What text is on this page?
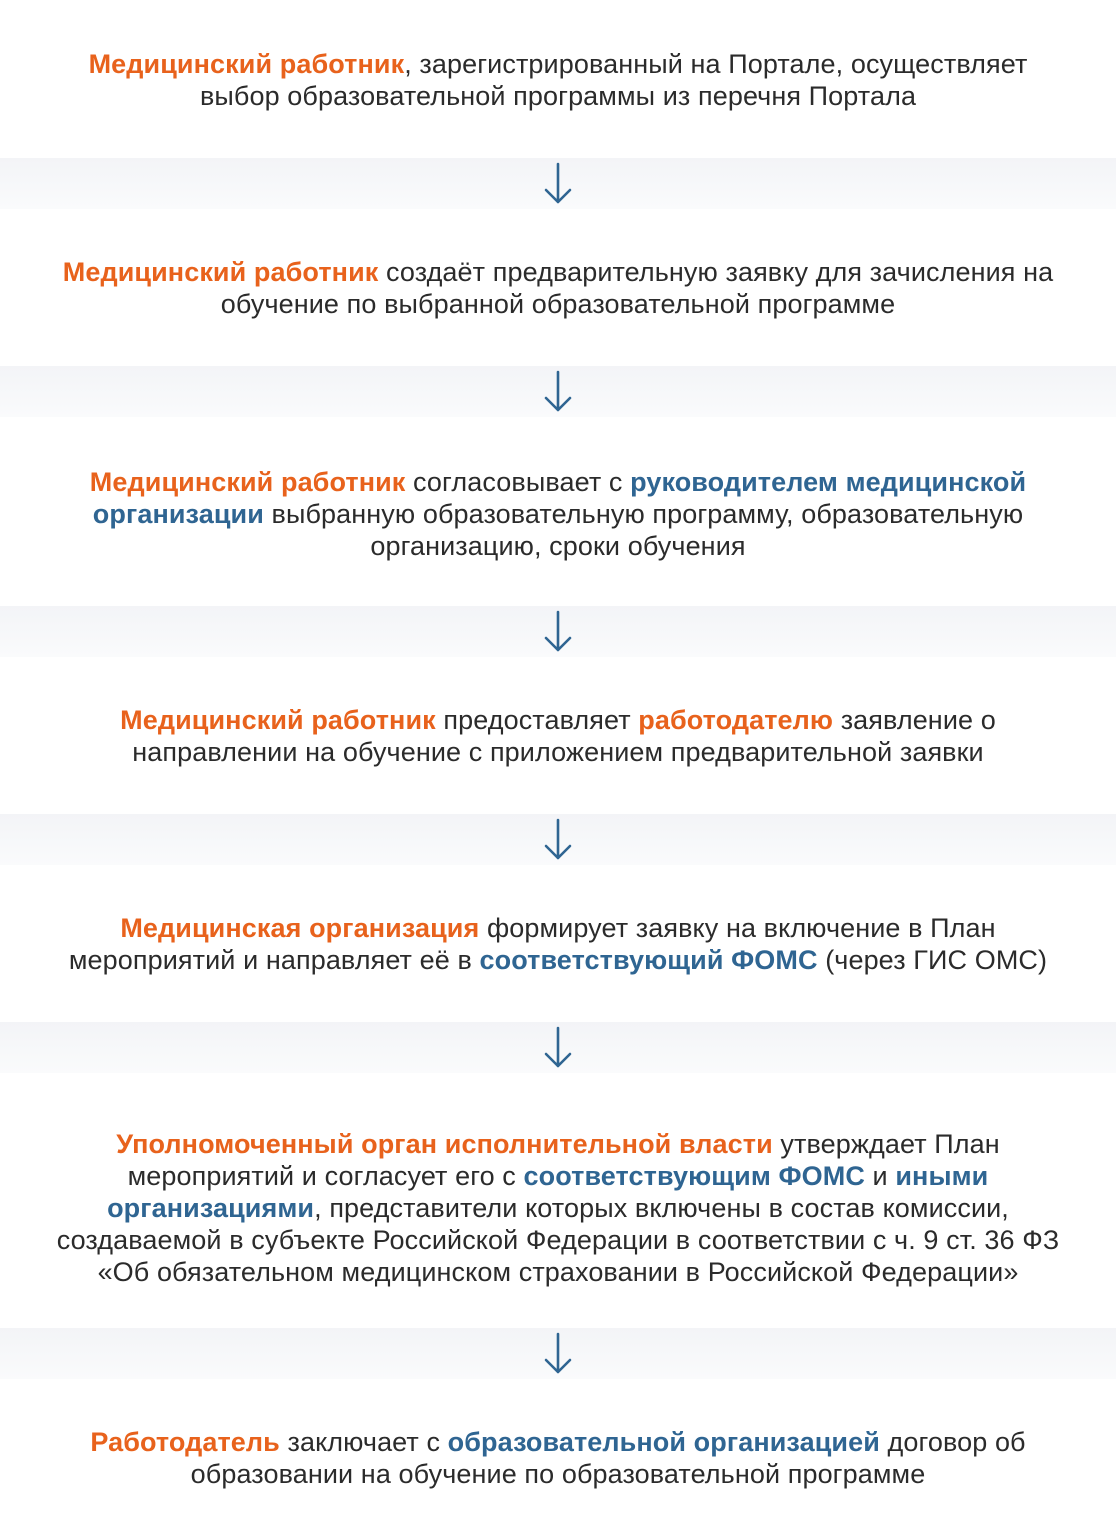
Медицинский работник, зарегистрированный на Портале, осуществляет выбор образовательной программы из перечня Портала

Медицинский работник создаёт предварительную заявку для зачисления на обучение по выбранной образовательной программе

Медицинский работник согласовывает с руководителем медицинской организации выбранную образовательную программу, образовательную организацию, сроки обучения

Медицинский работник предоставляет работодателю заявление о направлении на обучение с приложением предварительной заявки

Медицинская организация формирует заявку на включение в План мероприятий и направляет её в соответствующий ФОМС (через ГИС ОМС)

Уполномоченный орган исполнительной власти утверждает План мероприятий и согласует его с соответствующим ФОМС и иными организациями, представители которых включены в состав комиссии, создаваемой в субъекте Российской Федерации в соответствии с ч. 9 ст. 36 ФЗ «Об обязательном медицинском страховании в Российской Федерации»

Работодатель заключает с образовательной организацией договор об образовании на обучение по образовательной программе
